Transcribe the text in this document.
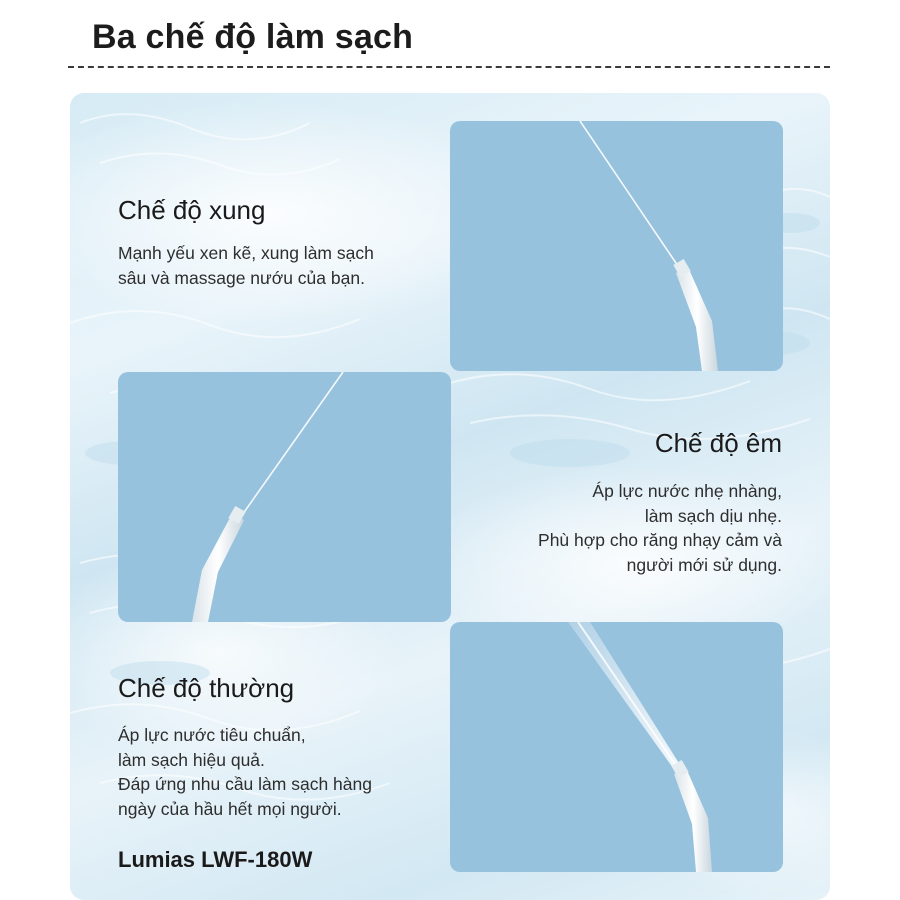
Ba chế độ làm sạch
Chế độ xung
Mạnh yếu xen kẽ, xung làm sạch
sâu và massage nướu của bạn.
Chế độ êm
Áp lực nước nhẹ nhàng,
làm sạch dịu nhẹ.
Phù hợp cho răng nhạy cảm và
người mới sử dụng.
Chế độ thường
Áp lực nước tiêu chuẩn,
làm sạch hiệu quả.
Đáp ứng nhu cầu làm sạch hàng
ngày của hầu hết mọi người.
Lumias LWF-180W
